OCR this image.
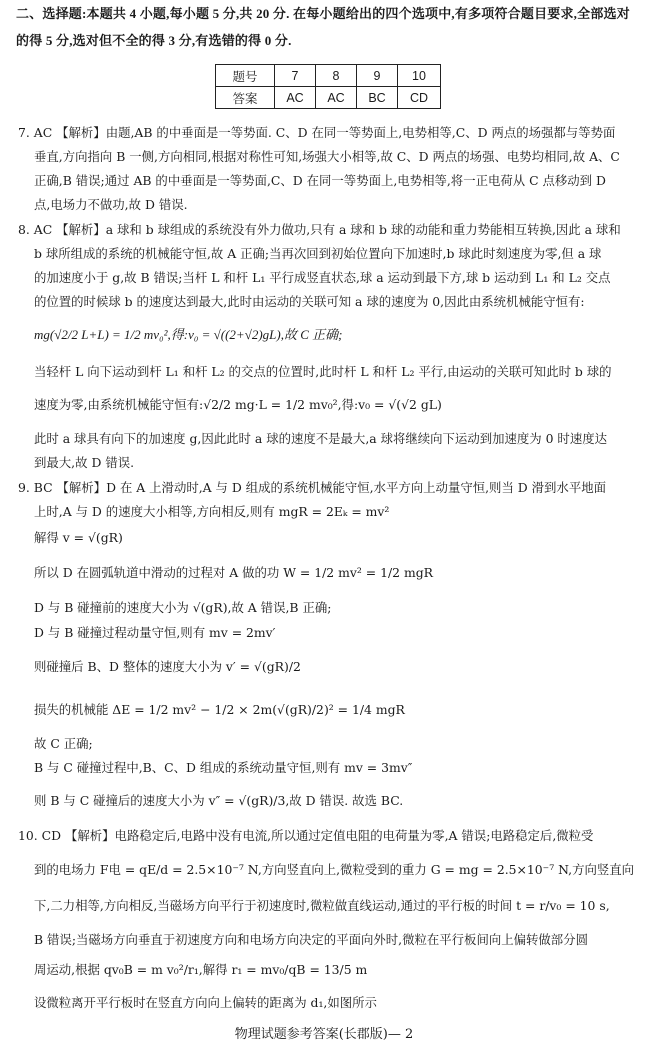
二、选择题:本题共 4 小题,每小题 5 分,共 20 分. 在每小题给出的四个选项中,有多项符合题目要求,全部选对
的得 5 分,选对但不全的得 3 分,有选错的得 0 分.
题号	7	8	9	10
答案	AC	AC	BC	CD
7. AC 【解析】由题,AB 的中垂面是一等势面. C、D 在同一等势面上,电势相等,C、D 两点的场强都与等势面
垂直,方向指向 B 一侧,方向相同,根据对称性可知,场强大小相等,故 C、D 两点的场强、电势均相同,故 A、C
正确,B 错误;通过 AB 的中垂面是一等势面,C、D 在同一等势面上,电势相等,将一正电荷从 C 点移动到 D
点,电场力不做功,故 D 错误.
8. AC 【解析】a 球和 b 球组成的系统没有外力做功,只有 a 球和 b 球的动能和重力势能相互转换,因此 a 球和
b 球所组成的系统的机械能守恒,故 A 正确;当再次回到初始位置向下加速时,b 球此时刻速度为零,但 a 球
的加速度小于 g,故 B 错误;当杆 L 和杆 L₁ 平行成竖直状态,球 a 运动到最下方,球 b 运动到 L₁ 和 L₂ 交点
的位置的时候球 b 的速度达到最大,此时由运动的关联可知 a 球的速度为 0,因此由系统机械能守恒有:
mg(√2/2 L+L) = 1/2 mv₀²,得:v₀ = √((2+√2)gL),故 C 正确;
当轻杆 L 向下运动到杆 L₁ 和杆 L₂ 的交点的位置时,此时杆 L 和杆 L₂ 平行,由运动的关联可知此时 b 球的
速度为零,由系统机械能守恒有:√2/2 mg·L = 1/2 mv₀²,得:v₀ = √(√2 gL)
此时 a 球具有向下的加速度 g,因此此时 a 球的速度不是最大,a 球将继续向下运动到加速度为 0 时速度达
到最大,故 D 错误.
9. BC 【解析】D 在 A 上滑动时,A 与 D 组成的系统机械能守恒,水平方向上动量守恒,则当 D 滑到水平地面
上时,A 与 D 的速度大小相等,方向相反,则有 mgR = 2Eₖ = mv²
解得 v = √(gR)
所以 D 在圆弧轨道中滑动的过程对 A 做的功 W = 1/2 mv² = 1/2 mgR
D 与 B 碰撞前的速度大小为 √(gR),故 A 错误,B 正确;
D 与 B 碰撞过程动量守恒,则有 mv = 2mv′
则碰撞后 B、D 整体的速度大小为 v′ = √(gR)/2
损失的机械能 ΔE = 1/2 mv² − 1/2 × 2m(√(gR)/2)² = 1/4 mgR
故 C 正确;
B 与 C 碰撞过程中,B、C、D 组成的系统动量守恒,则有 mv = 3mv″
则 B 与 C 碰撞后的速度大小为 v″ = √(gR)/3,故 D 错误. 故选 BC.
10. CD 【解析】电路稳定后,电路中没有电流,所以通过定值电阻的电荷量为零,A 错误;电路稳定后,微粒受
到的电场力 F电 = qE/d = 2.5×10⁻⁷ N,方向竖直向上,微粒受到的重力 G = mg = 2.5×10⁻⁷ N,方向竖直向
下,二力相等,方向相反,当磁场方向平行于初速度时,微粒做直线运动,通过的平行板的时间 t = r/v₀ = 10 s,
B 错误;当磁场方向垂直于初速度方向和电场方向决定的平面向外时,微粒在平行板间向上偏转做部分圆
周运动,根据 qv₀B = m v₀²/r₁,解得 r₁ = mv₀/qB = 13/5 m
设微粒离开平行板时在竖直方向向上偏转的距离为 d₁,如图所示
物理试题参考答案(长郡版)— 2
